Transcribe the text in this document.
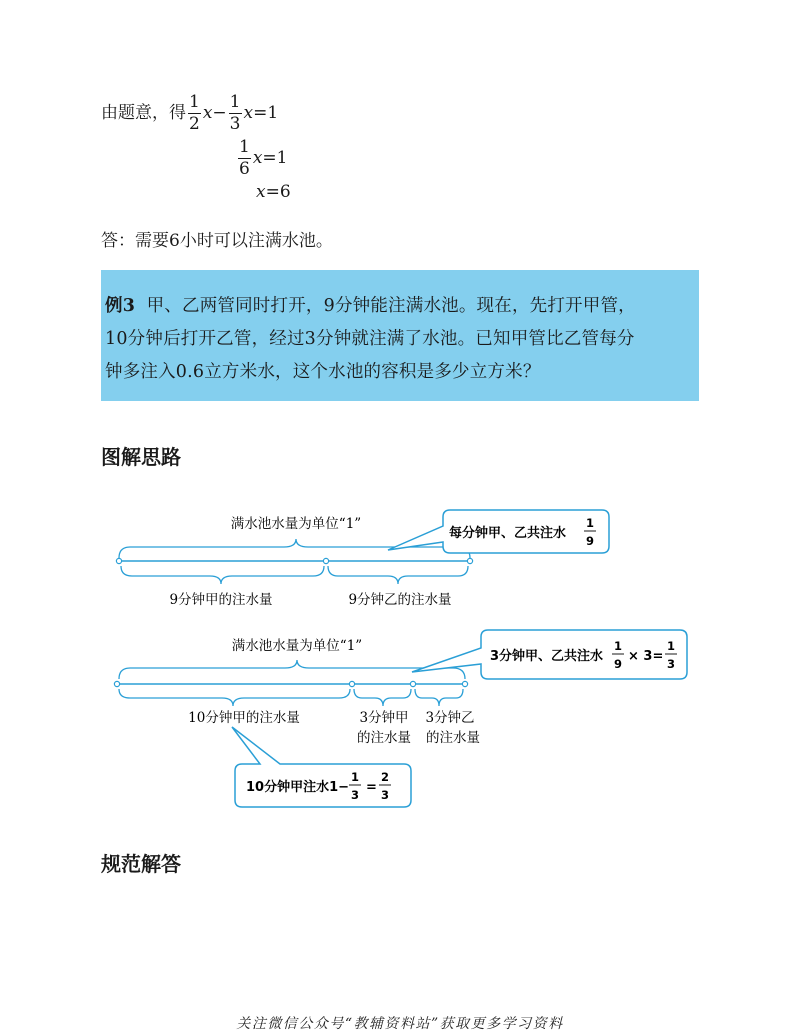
由题意，得 $\frac{1}{2} x- \frac{1}{3} x=1$
$\frac{1}{6} x=1$
x=6
答：需要6小时可以注满水池。
例3 甲、乙两管同时打开，9分钟能注满水池。现在，先打开甲管，
10分钟后打开乙管，经过3分钟就注满了水池。已知甲管比乙管每分
钟多注入0.6立方米水，这个水池的容积是多少立方米？
图解思路
满水池水量为单位“1”
9分钟甲的注水量	9分钟乙的注水量
每分钟甲、乙共注水
1
9
满水池水量为单位“1”
10分钟甲的注水量	3分钟甲
的注水量
3分钟乙
的注水量
3分钟甲、乙共注水
1
9 × 3=
1
3
10分钟甲注水1−
1
3 =
2
3
规范解答
关注微信公众号“教辅资料站”获取更多学习资料
